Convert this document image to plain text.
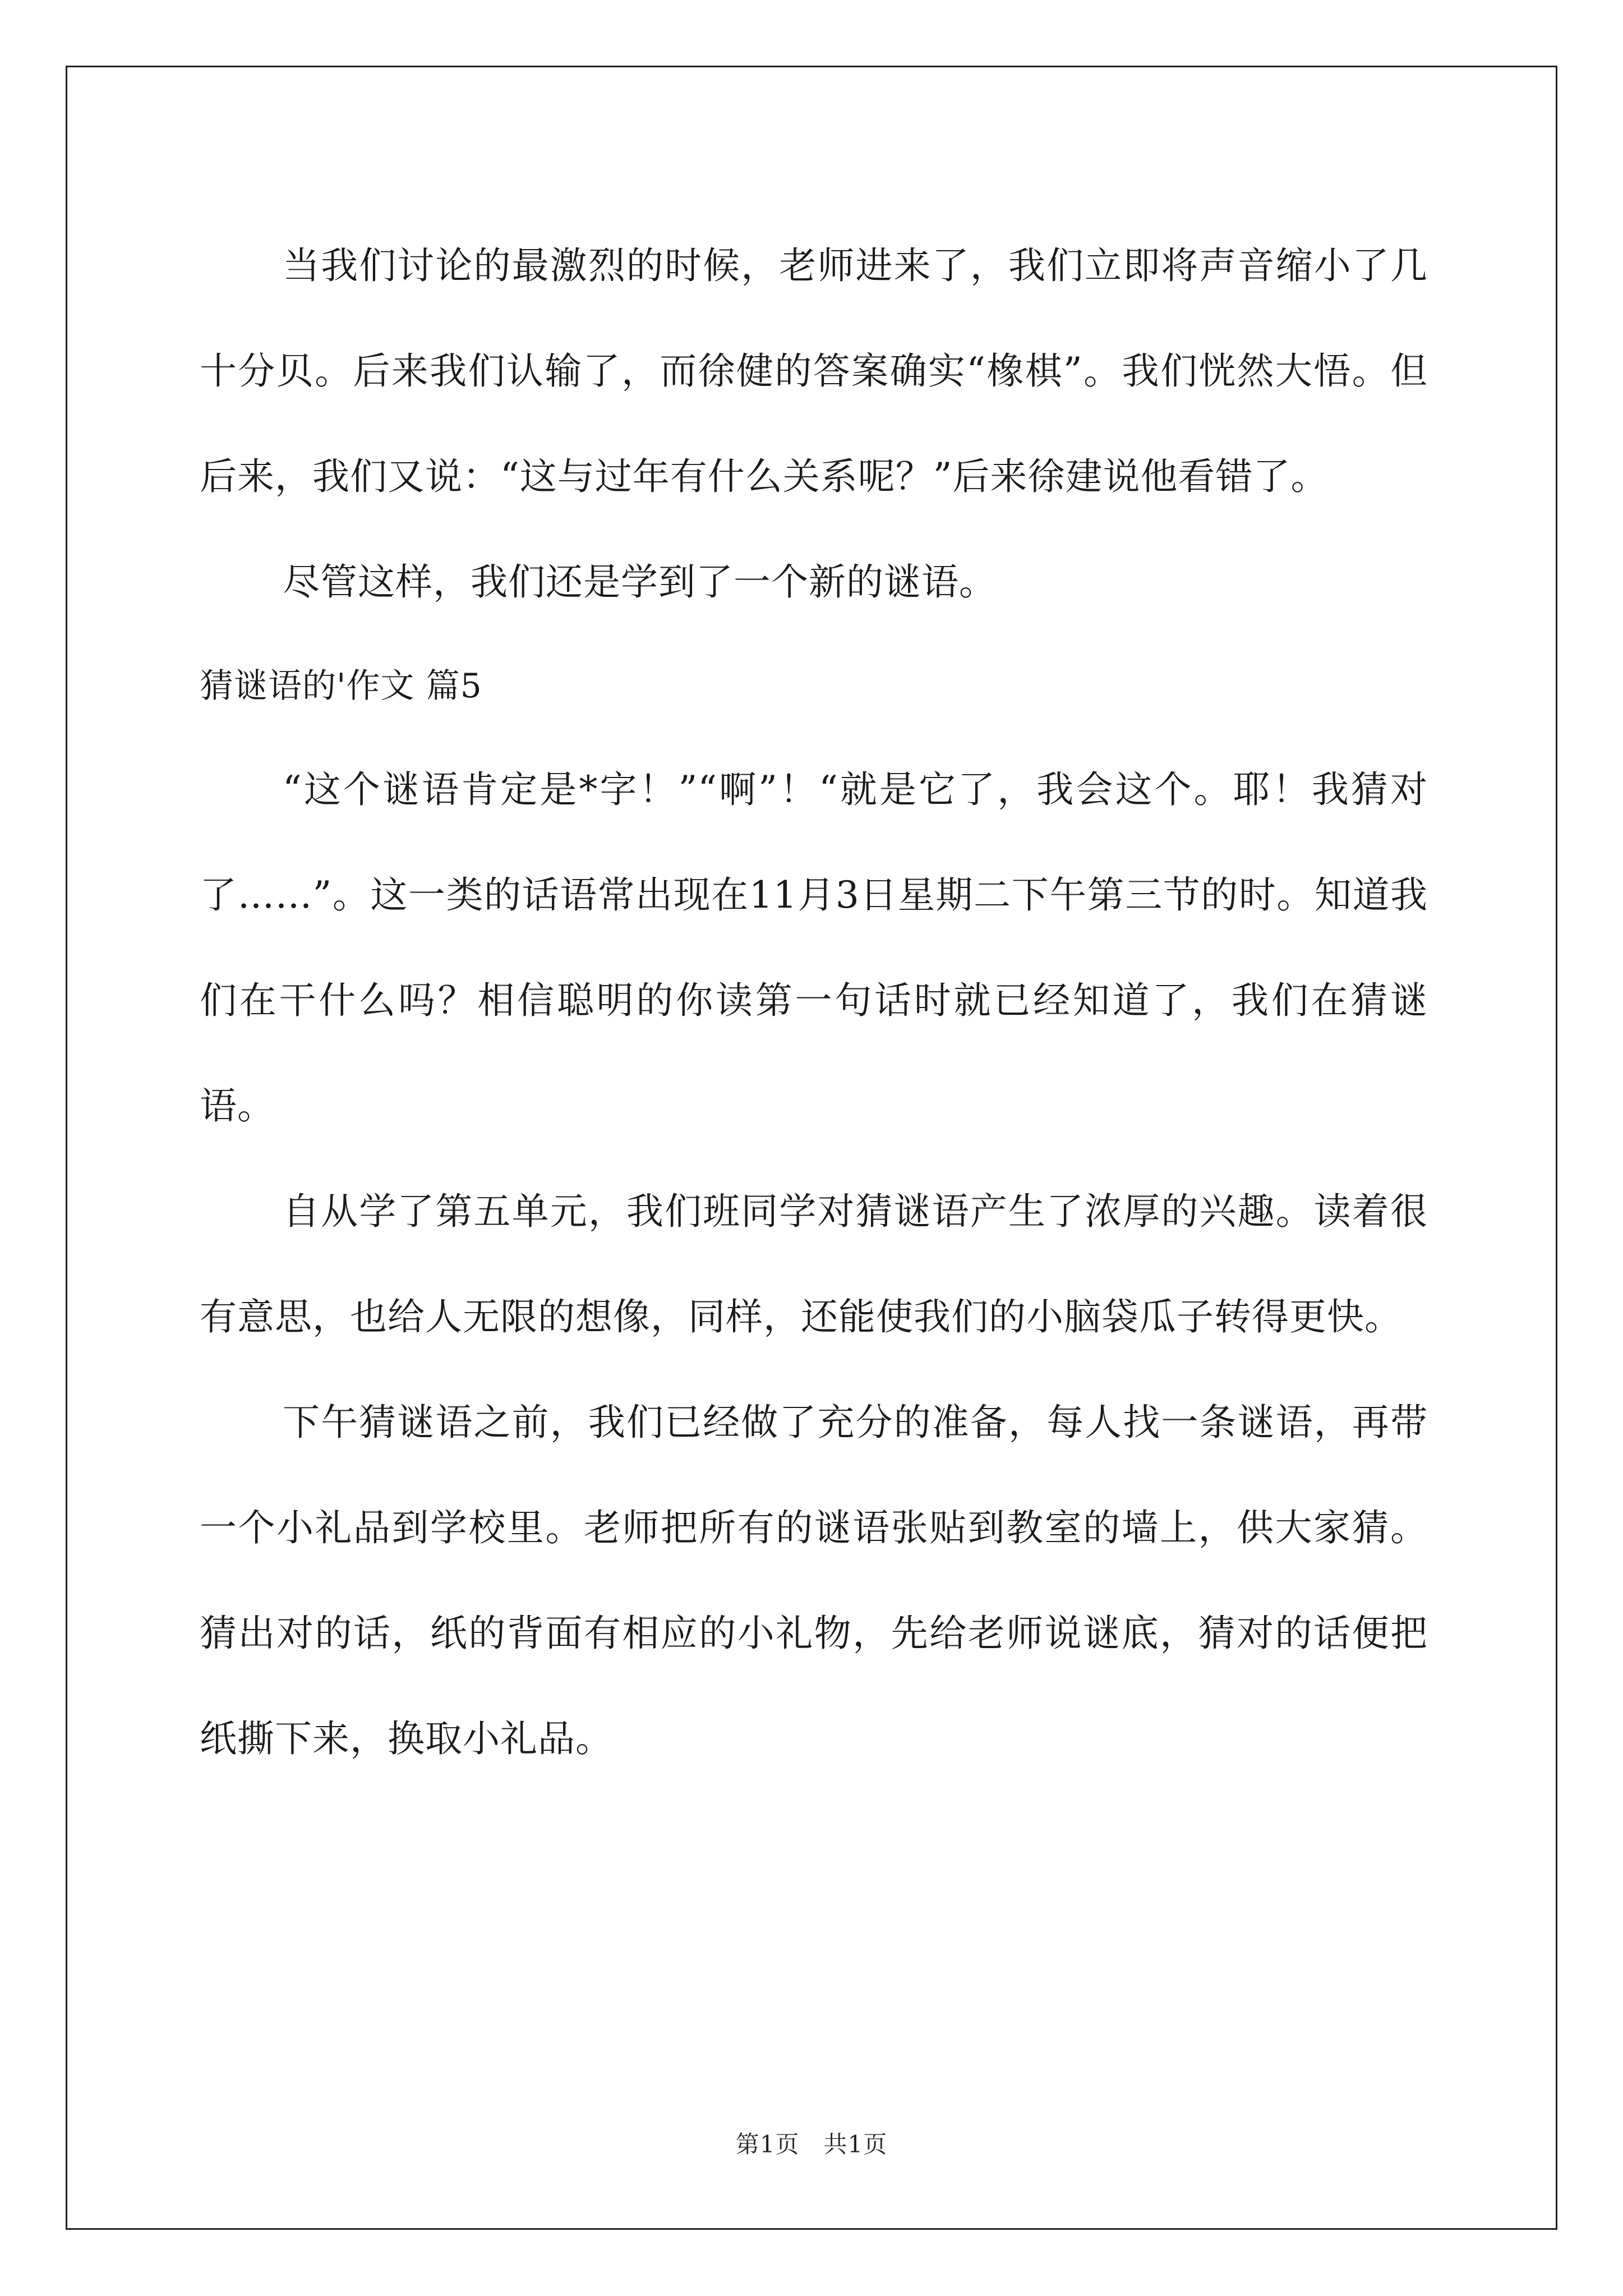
当我们讨论的最激烈的时候，老师进来了，我们立即将声音缩小了几十分贝。后来我们认输了，而徐健的答案确实“橡棋”。我们恍然大悟。但后来，我们又说：“这与过年有什么关系呢？”后来徐建说他看错了。

尽管这样，我们还是学到了一个新的谜语。

猜谜语的'作文 篇5

“这个谜语肯定是*字！”“啊”！“就是它了，我会这个。耶！我猜对了……”。这一类的话语常出现在11月3日星期二下午第三节的时。知道我们在干什么吗？相信聪明的你读第一句话时就已经知道了，我们在猜谜语。

自从学了第五单元，我们班同学对猜谜语产生了浓厚的兴趣。读着很有意思，也给人无限的想像，同样，还能使我们的小脑袋瓜子转得更快。

下午猜谜语之前，我们已经做了充分的准备，每人找一条谜语，再带一个小礼品到学校里。老师把所有的谜语张贴到教室的墙上，供大家猜。猜出对的话，纸的背面有相应的小礼物，先给老师说谜底，猜对的话便把纸撕下来，换取小礼品。

第1页　共1页
